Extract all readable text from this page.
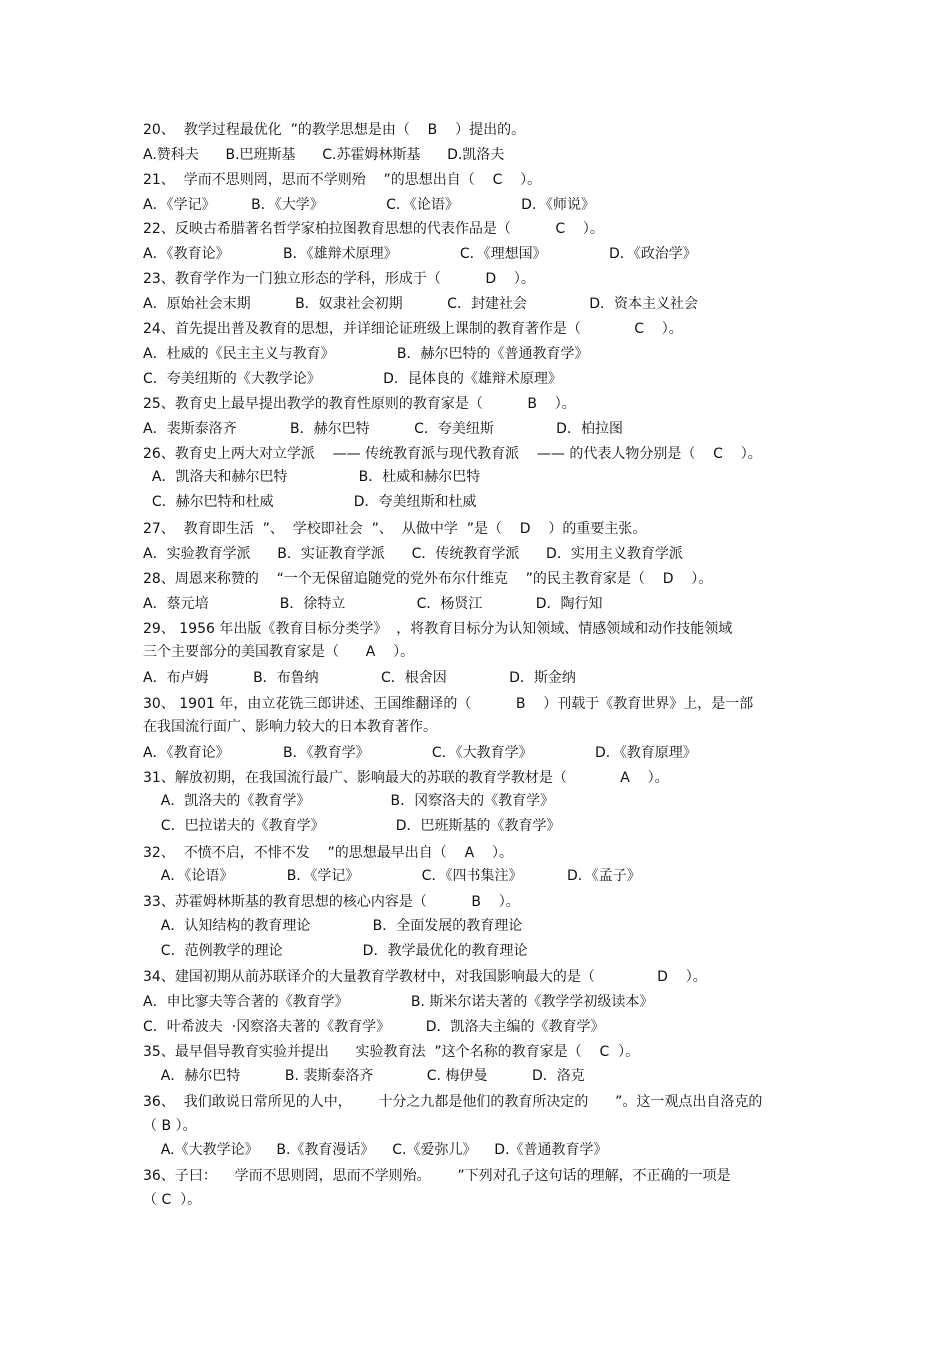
20、  教学过程最优化  ”的教学思想是由（    B    ）提出的。
A.赞科夫      B.巴班斯基      C.苏霍姆林斯基      D.凯洛夫
21、  学而不思则罔，思而不学则殆    ”的思想出自（    C    ）。
A．《学记》        B．《大学》              C．《论语》              D．《师说》
22、反映古希腊著名哲学家柏拉图教育思想的代表作品是（          C    ）。
A．《教育论》            B．《雄辩术原理》              C．《理想国》              D．《政治学》
23、教育学作为一门独立形态的学科，形成于（          D    ）。
A．原始社会末期          B．奴隶社会初期          C．封建社会              D．资本主义社会
24、首先提出普及教育的思想，并详细论证班级上课制的教育著作是（            C    ）。
A．杜威的《民主主义与教育》              B．赫尔巴特的《普通教育学》
C．夸美纽斯的《大教学论》              D．昆体良的《雄辩术原理》
25、教育史上最早提出教学的教育性原则的教育家是（          B    ）。
A．裴斯泰洛齐            B．赫尔巴特          C．夸美纽斯              D．柏拉图
26、教育史上两大对立学派    —— 传统教育派与现代教育派    —— 的代表人物分别是（    C    ）。
A．凯洛夫和赫尔巴特                B．杜威和赫尔巴特
C．赫尔巴特和杜威                  D．夸美纽斯和杜威
27、  教育即生活  ”、  学校即社会  ”、  从做中学  ”是（    D    ）的重要主张。
A．实验教育学派      B．实证教育学派      C．传统教育学派      D．实用主义教育学派
28、周恩来称赞的    “一个无保留追随党的党外布尔什维克    ”的民主教育家是（    D    ）。
A．蔡元培                B．徐特立                C．杨贤江            D．陶行知
29、 1956 年出版《教育目标分类学》  ，将教育目标分为认知领域、情感领域和动作技能领域
三个主要部分的美国教育家是（      A    ）。
A．布卢姆          B．布鲁纳              C．根舍因              D．斯金纳
30、 1901 年，由立花铣三郎讲述、王国维翻译的（          B    ）刊载于《教育世界》上，是一部
在我国流行面广、影响力较大的日本教育著作。
A．《教育论》            B．《教育学》              C．《大教育学》              D．《教育原理》
31、解放初期，在我国流行最广、影响最大的苏联的教育学教材是（            A    ）。
A．凯洛夫的《教育学》                  B．冈察洛夫的《教育学》
C．巴拉诺夫的《教育学》                D．巴班斯基的《教育学》
32、  不愤不启，不悱不发    ”的思想最早出自（    A    ）。
A．《论语》            B．《学记》              C．《四书集注》          D．《孟子》
33、苏霍姆林斯基的教育思想的核心内容是（          B    ）。
A．认知结构的教育理论              B．全面发展的教育理论
C．范例教学的理论                  D．教学最优化的教育理论
34、建国初期从前苏联译介的大量教育学教材中，对我国影响最大的是（              D    ）。
A．申比寥夫等合著的《教育学》              B. 斯米尔诺夫著的《教学学初级读本》
C．叶希波夫  ·冈察洛夫著的《教育学》        D．凯洛夫主编的《教育学》
35、最早倡导教育实验并提出      实验教育法  ”这个名称的教育家是（    C  ）。
A．赫尔巴特          B. 裴斯泰洛齐            C. 梅伊曼          D．洛克
36、  我们敢说日常所见的人中，      十分之九都是他们的教育所决定的      ”。这一观点出自洛克的
（ B ）。
A.《大教学论》    B.《教育漫话》    C.《爱弥儿》    D.《普通教育学》
36、子曰：    学而不思则罔，思而不学则殆。      ”下列对孔子这句话的理解，不正确的一项是
（ C  ）。
